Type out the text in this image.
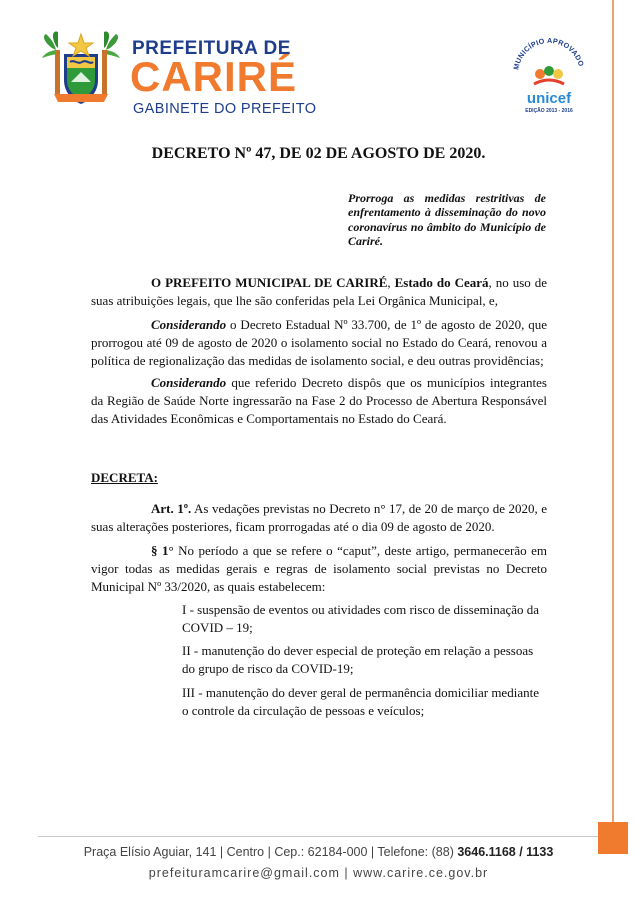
PREFEITURA DE
CARIRÉ
GABINETE DO PREFEITO
MUNICÍPIO APROVADO
unicef
EDIÇÃO 2013 - 2016
DECRETO Nº 47, DE 02 DE AGOSTO DE 2020.
Prorroga as medidas restritivas de enfrentamento à disseminação do novo coronavírus no âmbito do Município de Cariré.

O PREFEITO MUNICIPAL DE CARIRÉ, Estado do Ceará, no uso de suas atribuições legais, que lhe são conferidas pela Lei Orgânica Municipal, e,

Considerando o Decreto Estadual Nº 33.700, de 1º de agosto de 2020, que prorrogou até 09 de agosto de 2020 o isolamento social no Estado do Ceará, renovou a política de regionalização das medidas de isolamento social, e deu outras providências;

Considerando que referido Decreto dispôs que os municípios integrantes da Região de Saúde Norte ingressarão na Fase 2 do Processo de Abertura Responsável das Atividades Econômicas e Comportamentais no Estado do Ceará.

DECRETA:

Art. 1º. As vedações previstas no Decreto n° 17, de 20 de março de 2020, e suas alterações posteriores, ficam prorrogadas até o dia 09 de agosto de 2020.

§ 1° No período a que se refere o “caput”, deste artigo, permanecerão em vigor todas as medidas gerais e regras de isolamento social previstas no Decreto Municipal Nº 33/2020, as quais estabelecem:

I - suspensão de eventos ou atividades com risco de disseminação da COVID – 19;

II - manutenção do dever especial de proteção em relação a pessoas do grupo de risco da COVID-19;

III - manutenção do dever geral de permanência domiciliar mediante o controle da circulação de pessoas e veículos;

Praça Elísio Aguiar, 141 | Centro | Cep.: 62184-000 | Telefone: (88) 3646.1168 / 1133
prefeituramcarire@gmail.com | www.carire.ce.gov.br
